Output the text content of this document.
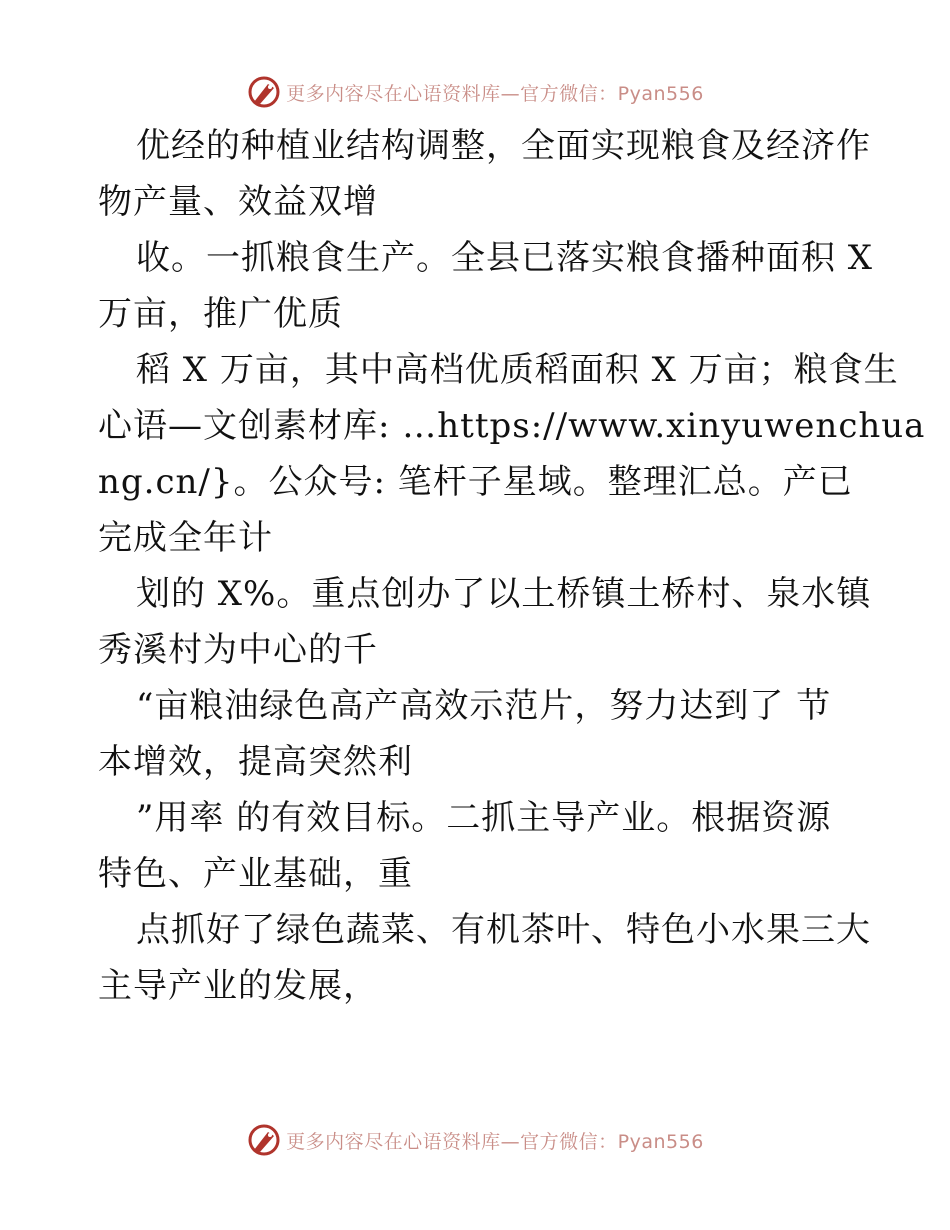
更多内容尽在心语资料库—官方微信：Pyan556

优经的种植业结构调整，全面实现粮食及经济作
物产量、效益双增
收。一抓粮食生产。全县已落实粮食播种面积 X
万亩，推广优质
稻 X 万亩，其中高档优质稻面积 X 万亩；粮食生
心语—文创素材库: …https://www.xinyuwenchua
ng.cn/}。公众号: 笔杆子星域。整理汇总。产已
完成全年计
划的 X%。重点创办了以土桥镇土桥村、泉水镇
秀溪村为中心的千
“亩粮油绿色高产高效示范片，努力达到了 节
本增效，提高突然利
”用率 的有效目标。二抓主导产业。根据资源
特色、产业基础，重
点抓好了绿色蔬菜、有机茶叶、特色小水果三大
主导产业的发展，

更多内容尽在心语资料库—官方微信：Pyan556
